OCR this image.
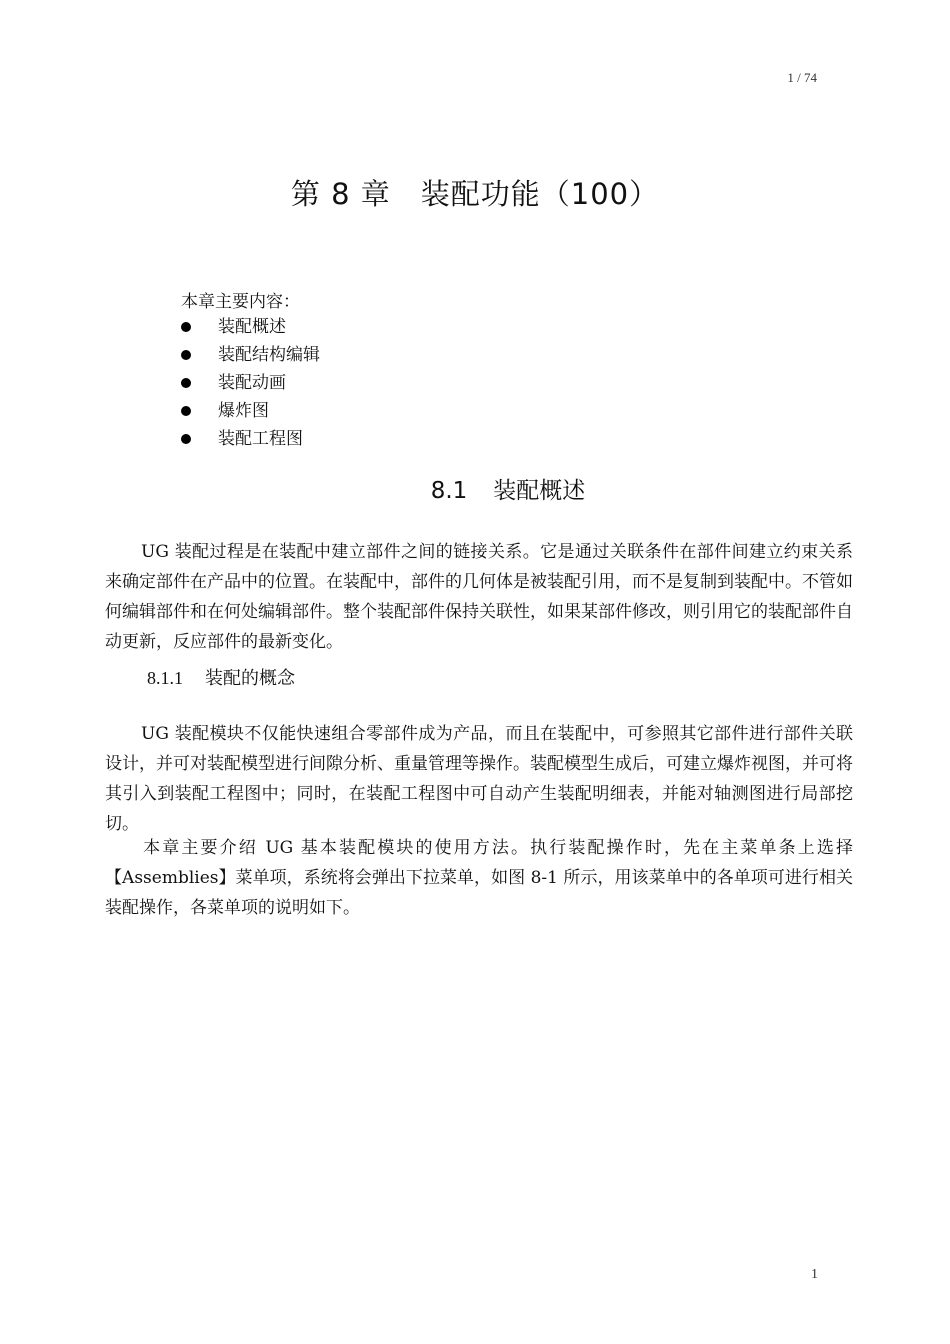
1 / 74
第 8 章　装配功能（100）

本章主要内容：

装配概述
装配结构编辑
装配动画
爆炸图
装配工程图
8.1 装配概述

UG 装配过程是在装配中建立部件之间的链接关系。它是通过关联条件在部件间建立约束关系来确定部件在产品中的位置。在装配中，部件的几何体是被装配引用，而不是复制到装配中。不管如何编辑部件和在何处编辑部件。整个装配部件保持关联性，如果某部件修改，则引用它的装配部件自动更新，反应部件的最新变化。

8.1.1 装配的概念

UG 装配模块不仅能快速组合零部件成为产品，而且在装配中，可参照其它部件进行部件关联设计，并可对装配模型进行间隙分析、重量管理等操作。装配模型生成后，可建立爆炸视图，并可将其引入到装配工程图中；同时，在装配工程图中可自动产生装配明细表，并能对轴测图进行局部挖切。

本章主要介绍 UG 基本装配模块的使用方法。执行装配操作时，先在主菜单条上选择【Assemblies】菜单项，系统将会弹出下拉菜单，如图 8-1 所示，用该菜单中的各单项可进行相关装配操作，各菜单项的说明如下。

1
